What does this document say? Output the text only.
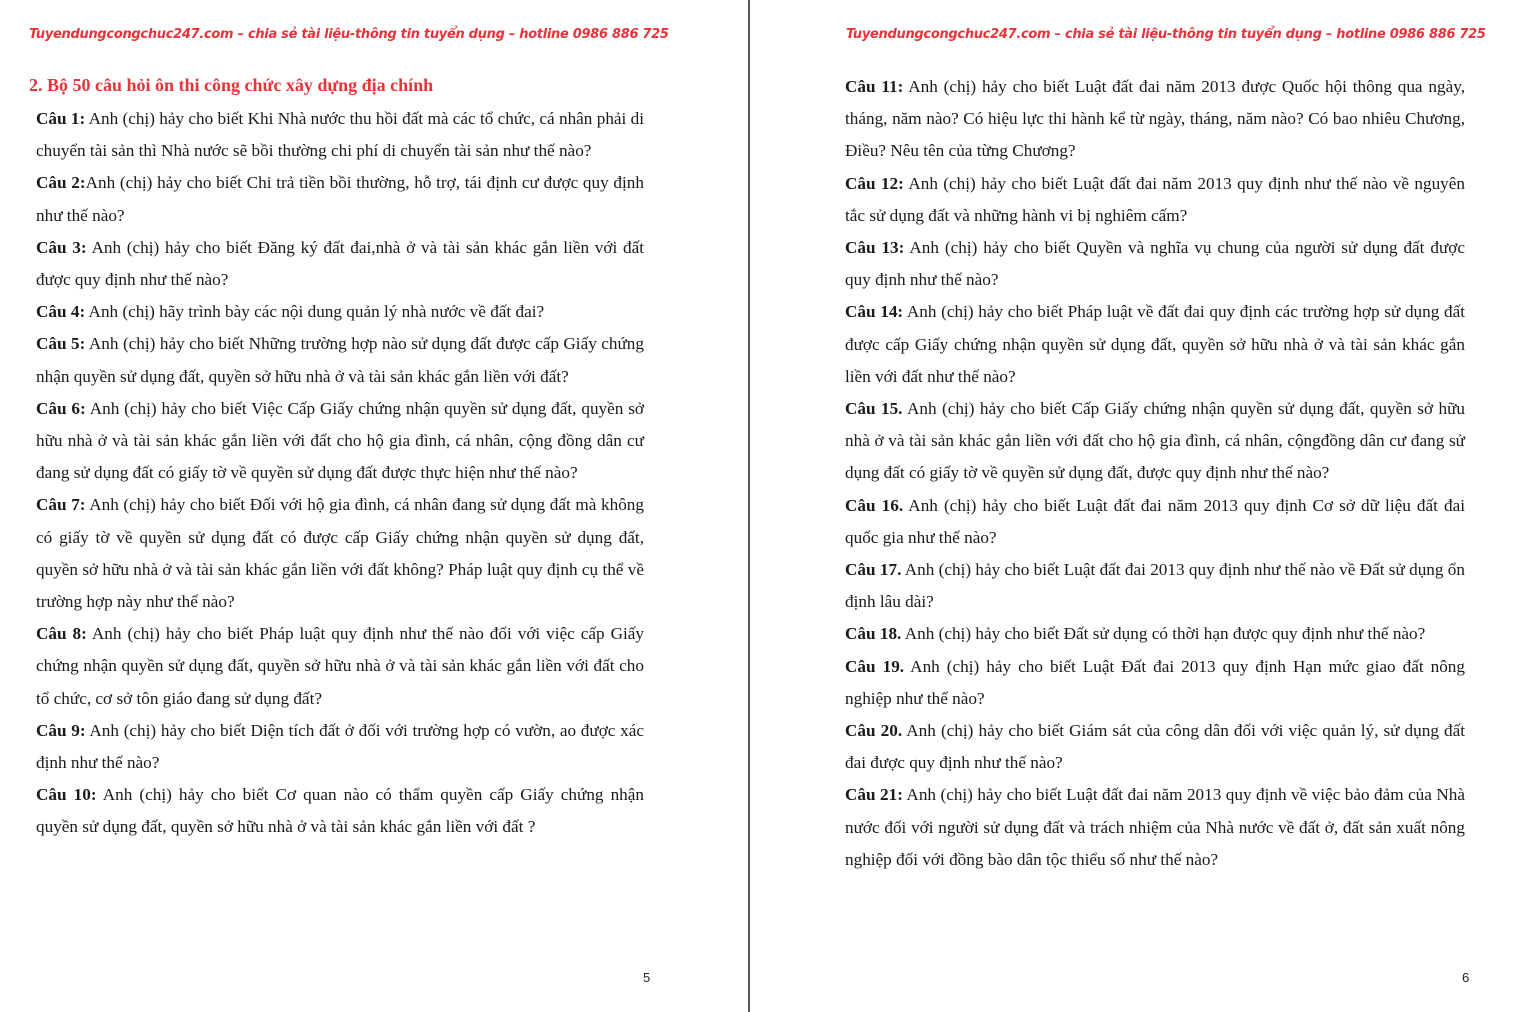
Tuyendungcongchuc247.com – chia sẻ tài liệu-thông tin tuyển dụng – hotline 0986 886 725
2. Bộ 50 câu hỏi ôn thi công chức xây dựng địa chính

Câu 1: Anh (chị) hảy cho biết Khi Nhà nước thu hồi đất mà các tổ chức, cá nhân phải di chuyển tài sản thì Nhà nước sẽ bồi thường chi phí di chuyển tài sản như thế nào?

Câu 2:Anh (chị) hảy cho biết Chi trả tiền bồi thường, hỗ trợ, tái định cư được quy định như thế nào?

Câu 3: Anh (chị) hảy cho biết Đăng ký đất đai,nhà ở và tài sản khác gắn liền với đất được quy định như thế nào?

Câu 4: Anh (chị) hãy trình bày các nội dung quản lý nhà nước về đất đai?

Câu 5: Anh (chị) hảy cho biết Những trường hợp nào sử dụng đất được cấp Giấy chứng nhận quyền sử dụng đất, quyền sở hữu nhà ở và tài sản khác gắn liền với đất?

Câu 6: Anh (chị) hảy cho biết Việc Cấp Giấy chứng nhận quyền sử dụng đất, quyền sở hữu nhà ở và tài sản khác gắn liền với đất cho hộ gia đình, cá nhân, cộng đồng dân cư đang sử dụng đất có giấy tờ về quyền sử dụng đất được thực hiện như thế nào?

Câu 7: Anh (chị) hảy cho biết Đối với hộ gia đình, cá nhân đang sử dụng đất mà không có giấy tờ về quyền sử dụng đất có được cấp Giấy chứng nhận quyền sử dụng đất, quyền sở hữu nhà ở và tài sản khác gắn liền với đất không? Pháp luật quy định cụ thể về trường hợp này như thế nào?

Câu 8: Anh (chị) hảy cho biết Pháp luật quy định như thế nào đối với việc cấp Giấy chứng nhận quyền sử dụng đất, quyền sở hữu nhà ở và tài sản khác gắn liền với đất cho tổ chức, cơ sở tôn giáo đang sử dụng đất?

Câu 9: Anh (chị) hảy cho biết Diện tích đất ở đối với trường hợp có vườn, ao được xác định như thế nào?

Câu 10: Anh (chị) hảy cho biết Cơ quan nào có thẩm quyền cấp Giấy chứng nhận quyền sử dụng đất, quyền sở hữu nhà ở và tài sản khác gắn liền với đất ?

5
Tuyendungcongchuc247.com – chia sẻ tài liệu-thông tin tuyển dụng – hotline 0986 886 725

Câu 11: Anh (chị) hảy cho biết Luật đất đai năm 2013 được Quốc hội thông qua ngày, tháng, năm nào? Có hiệu lực thi hành kể từ ngày, tháng, năm nào? Có bao nhiêu Chương, Điều? Nêu tên của từng Chương?

Câu 12: Anh (chị) hảy cho biết Luật đất đai năm 2013 quy định như thế nào về nguyên tắc sử dụng đất và những hành vi bị nghiêm cấm?

Câu 13: Anh (chị) hảy cho biết Quyền và nghĩa vụ chung của người sử dụng đất được quy định như thế nào?

Câu 14: Anh (chị) hảy cho biết Pháp luật về đất đai quy định các trường hợp sử dụng đất được cấp Giấy chứng nhận quyền sử dụng đất, quyền sở hữu nhà ở và tài sản khác gắn liền với đất như thế nào?

Câu 15. Anh (chị) hảy cho biết Cấp Giấy chứng nhận quyền sử dụng đất, quyền sở hữu nhà ở và tài sản khác gắn liền với đất cho hộ gia đình, cá nhân, cộngđồng dân cư đang sử dụng đất có giấy tờ về quyền sử dụng đất, được quy định như thế nào?

Câu 16. Anh (chị) hảy cho biết Luật đất đai năm 2013 quy định Cơ sở dữ liệu đất đai quốc gia như thế nào?

Câu 17. Anh (chị) hảy cho biết Luật đất đai 2013 quy định như thế nào về Đất sử dụng ổn định lâu dài?

Câu 18. Anh (chị) hảy cho biết Đất sử dụng có thời hạn được quy định như thế nào?

Câu 19. Anh (chị) hảy cho biết Luật Đất đai 2013 quy định Hạn mức giao đất nông nghiệp như thế nào?

Câu 20. Anh (chị) hảy cho biết Giám sát của công dân đối với việc quản lý, sử dụng đất đai được quy định như thế nào?

Câu 21: Anh (chị) hảy cho biết Luật đất đai năm 2013 quy định về việc bảo đảm của Nhà nước đối với người sử dụng đất và trách nhiệm của Nhà nước về đất ở, đất sản xuất nông nghiệp đối với đồng bào dân tộc thiểu số như thế nào?

6
